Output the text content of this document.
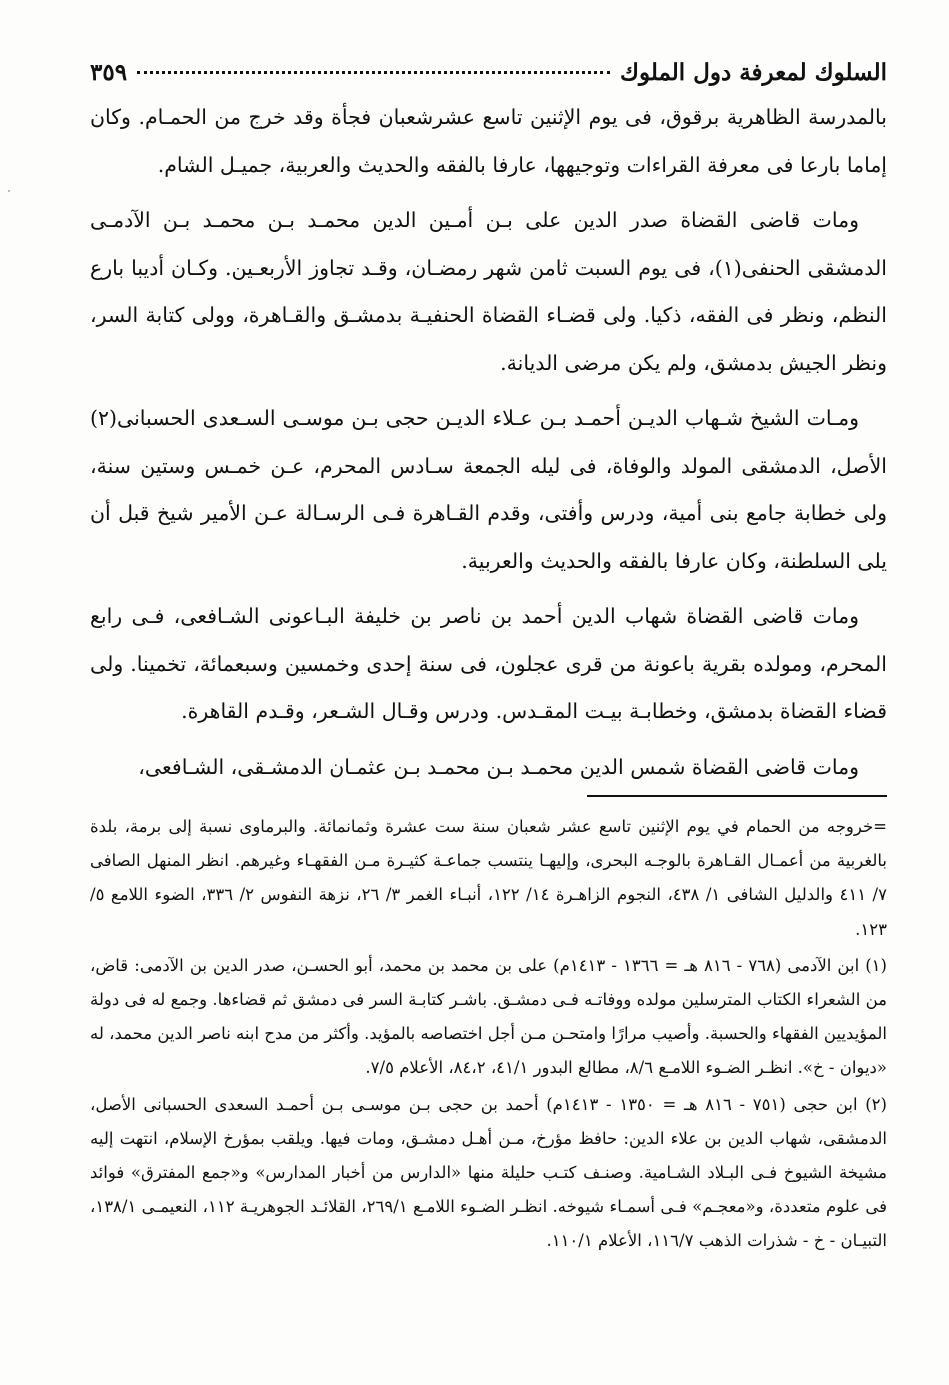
٣٥٩	السلوك لمعرفة دول الملوك

بالمدرسة الظاهرية برقوق، فى يوم الإثنين تاسع عشرشعبان فجأة وقد خرج من الحمـام. وكان إماما بارعا فى معرفة القراءات وتوجيهها، عارفا بالفقه والحديث والعربية، جميـل الشام.

ومات قاضى القضاة صدر الدين على بـن أمـين الدين محمـد بـن محمـد بـن الآدمـى الدمشقى الحنفى(١)، فى يوم السبت ثامن شهر رمضـان، وقـد تجاوز الأربعـين. وكـان أديبا بارع النظم، ونظر فى الفقه، ذكيا. ولى قضـاء القضاة الحنفيـة بدمشـق والقـاهرة، وولى كتابة السر، ونظر الجيش بدمشق، ولم يكن مرضى الديانة.

ومـات الشيخ شـهاب الديـن أحمـد بـن عـلاء الديـن حجى بـن موسـى السـعدى الحسبانى(٢) الأصل، الدمشقى المولد والوفاة، فى ليله الجمعة سـادس المحرم، عـن خمـس وستين سنة، ولى خطابة جامع بنى أمية، ودرس وأفتى، وقدم القـاهرة فـى الرسـالة عـن الأمير شيخ قبل أن يلى السلطنة، وكان عارفا بالفقه والحديث والعربية.

ومات قاضى القضاة شهاب الدين أحمد بن ناصر بن خليفة البـاعونى الشـافعى، فـى رابع المحرم، ومولده بقرية باعونة من قرى عجلون، فى سنة إحدى وخمسين وسبعمائة، تخمينا. ولى قضاء القضاة بدمشق، وخطابـة بيـت المقـدس. ودرس وقـال الشـعر، وقـدم القاهرة.

ومات قاضى القضاة شمس الدين محمـد بـن محمـد بـن عثمـان الدمشـقى، الشـافعى،

=خروجه من الحمام في يوم الإثنين تاسع عشر شعبان سنة ست عشرة وثمانمائة. والبرماوى نسبة إلى برمة، بلدة بالغربية من أعمـال القـاهرة بالوجـه البحرى، وإليهـا ينتسب جماعـة كثيـرة مـن الفقهـاء وغيرهم. انظر المنهل الصافى ٧/ ٤١١ والدليل الشافى ١/ ٤٣٨، النجوم الزاهـرة ١٤/ ١٢٢، أنبـاء الغمر ٣/ ٢٦، نزهة النفوس ٢/ ٣٣٦، الضوء اللامع ٥/ ١٢٣.

(١) ابن الآدمى (٧٦٨ - ٨١٦ هـ = ١٣٦٦ - ١٤١٣م) على بن محمد بن محمد، أبو الحسـن، صدر الدين بن الآدمى: قاض، من الشعراء الكتاب المترسلين مولده ووفاتـه فـى دمشـق. باشـر كتابـة السر فى دمشق ثم قضاءها. وجمع له فى دولة المؤيديين الفقهاء والحسبة. وأصيب مرارًا وامتحـن مـن أجل اختصاصه بالمؤيد. وأكثر من مدح ابنه ناصر الدين محمد، له «ديوان - خ». انظـر الضـوء اللامـع ٨/٦، مطالع البدور ٤١/١، ٨٤،٢، الأعلام ٧/٥.

(٢) ابن حجى (٧٥١ - ٨١٦ هـ = ١٣٥٠ - ١٤١٣م) أحمد بن حجى بـن موسـى بـن أحمـد السعدى الحسبانى الأصل، الدمشقى، شهاب الدين بن علاء الدين: حافظ مؤرخ، مـن أهـل دمشـق، ومات فيها. ويلقب بمؤرخ الإسلام، انتهت إليه مشيخة الشيوخ فـى البـلاد الشـامية. وصنـف كتـب حليلة منها «الدارس من أخبار المدارس» و«جمع المفترق» فوائد فى علوم متعددة، و«معجـم» فـى أسمـاء شيوخه. انظـر الضـوء اللامـع ٢٦٩/١، القلائـد الجوهريـة ١١٢، النعيمـى ١٣٨/١، التبيـان - خ - شذرات الذهب ١١٦/٧، الأعلام ١١٠/١.
